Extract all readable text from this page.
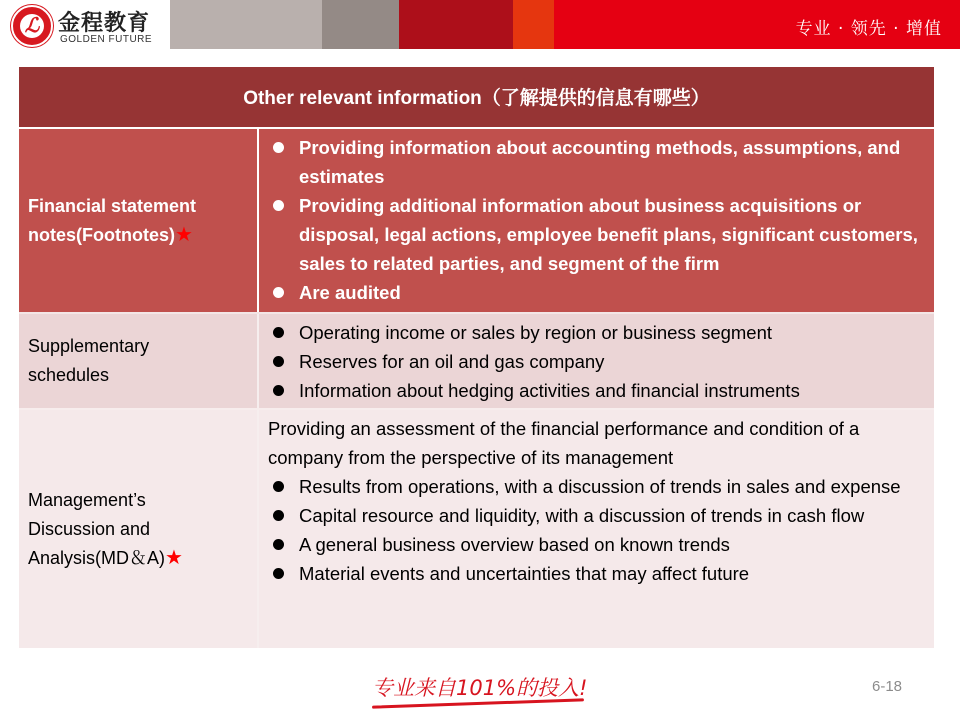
ℒ 金程教育
GOLDEN FUTURE
专业 · 领先 · 增值
Other relevant information（了解提供的信息有哪些）
Financial statement notes(Footnotes)★
Providing information about accounting methods, assumptions, and estimates
Providing additional information about business acquisitions or disposal, legal actions, employee benefit plans, significant customers, sales to related parties, and segment of the firm
Are audited
Supplementary schedules
Operating income or sales by region or business segment
Reserves for an oil and gas company
Information about hedging activities and financial instruments
Management’s Discussion and Analysis(MD＆A)★
Providing an assessment of the financial performance and condition of a company from the perspective of its management
Results from operations, with a discussion of trends in sales and expense
Capital resource and liquidity, with a discussion of trends in cash flow
A general business overview based on known trends
Material events and uncertainties that may affect future
专业来自101%的投入!	6-18
